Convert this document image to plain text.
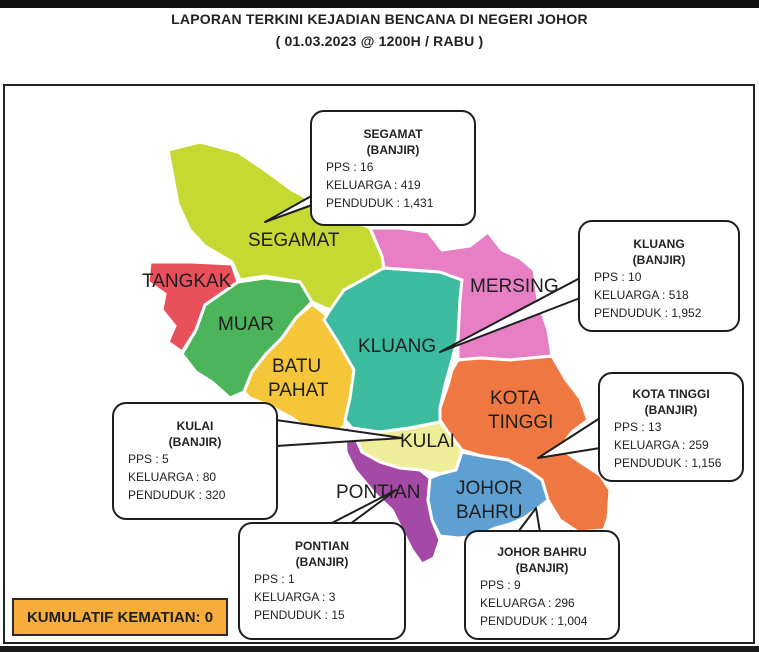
LAPORAN TERKINI KEJADIAN BENCANA DI NEGERI JOHOR
( 01.03.2023 @ 1200H / RABU )
SEGAMAT
TANGKAK
MUAR
BATU
PAHAT
KLUANG
MERSING
KOTA
TINGGI
KULAI
PONTIAN JOHOR
BAHRU
SEGAMAT
(BANJIR)
PPS : 16
KELUARGA : 419
PENDUDUK : 1,431
KLUANG
(BANJIR)
PPS : 10
KELUARGA : 518
PENDUDUK : 1,952
KOTA TINGGI
(BANJIR)
PPS : 13
KELUARGA : 259
PENDUDUK : 1,156
KULAI
(BANJIR)
PPS : 5
KELUARGA : 80
PENDUDUK : 320
PONTIAN
(BANJIR)
PPS : 1
KELUARGA : 3
PENDUDUK : 15
JOHOR BAHRU
(BANJIR)
PPS : 9
KELUARGA : 296
PENDUDUK : 1,004
KUMULATIF KEMATIAN: 0
